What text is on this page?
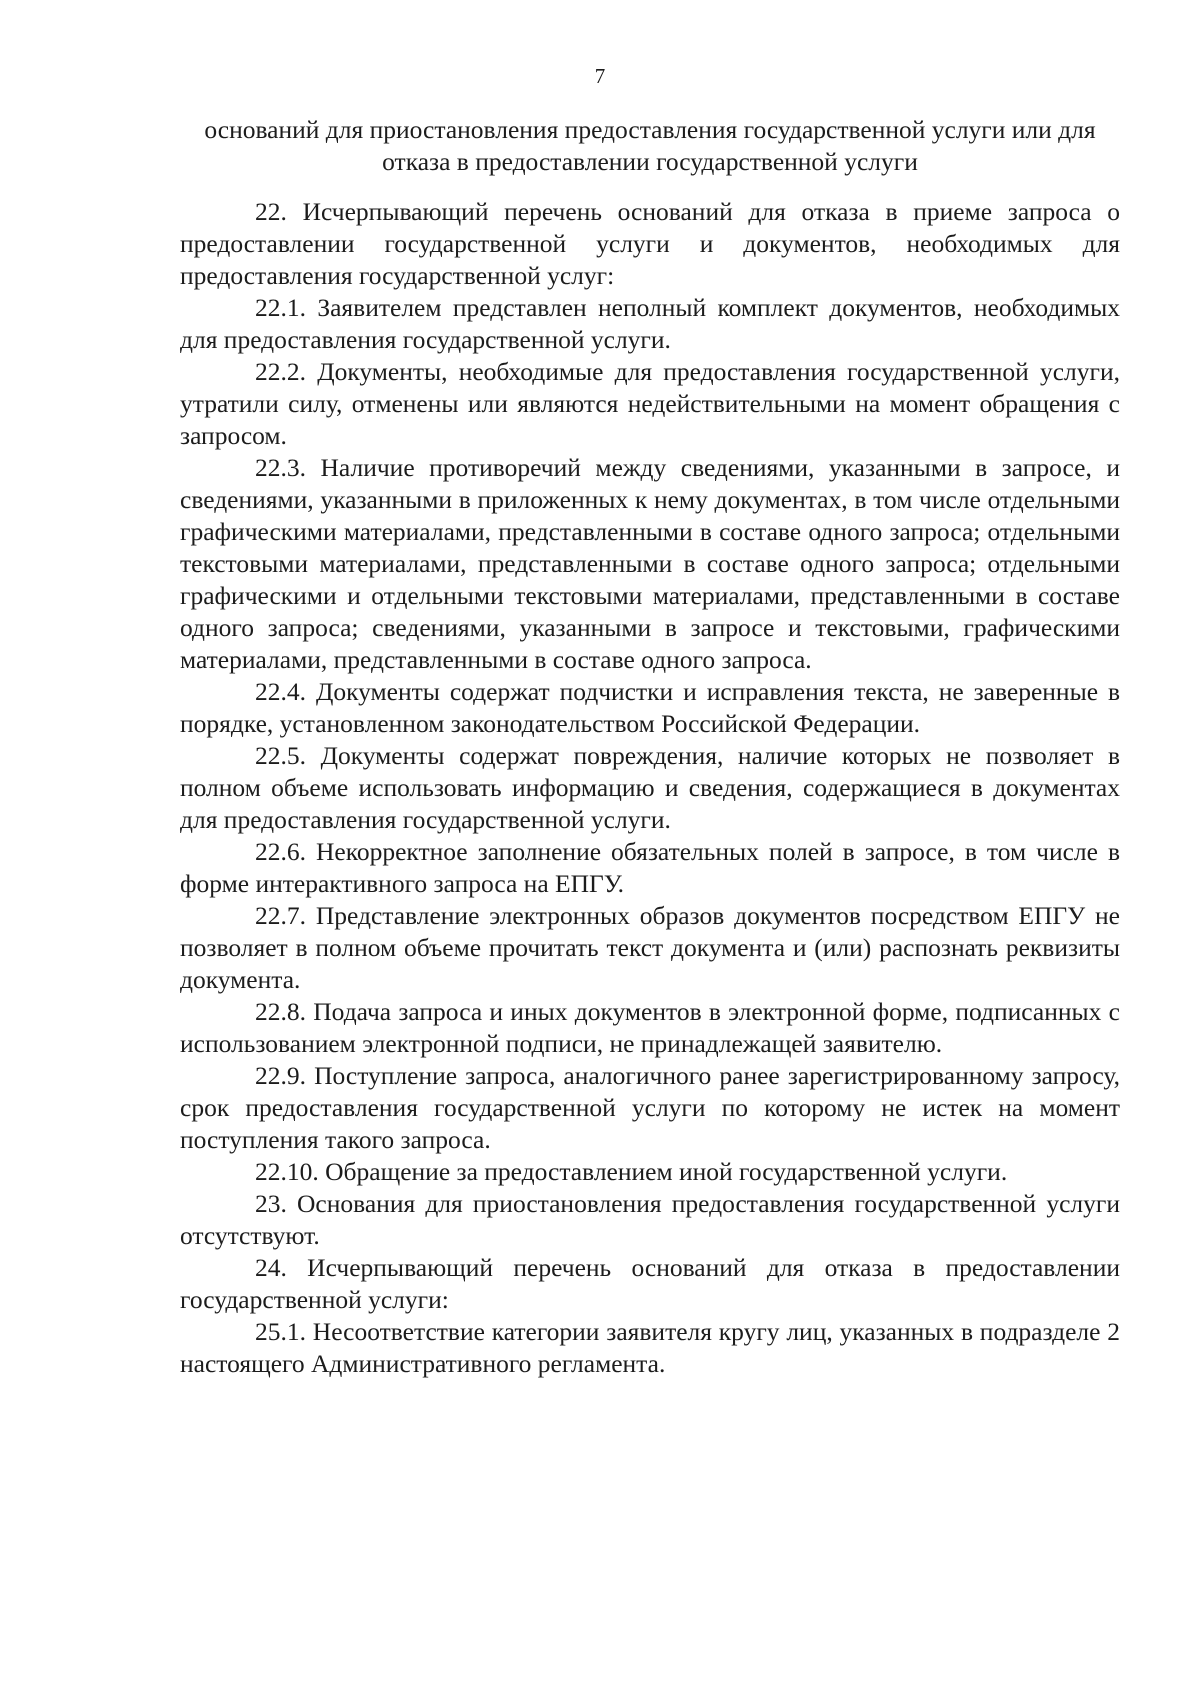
7
оснований для приостановления предоставления государственной услуги или для отказа в предоставлении государственной услуги

22. Исчерпывающий перечень оснований для отказа в приеме запроса о предоставлении государственной услуги и документов, необходимых для предоставления государственной услуг:

22.1. Заявителем представлен неполный комплект документов, необходимых для предоставления государственной услуги.

22.2. Документы, необходимые для предоставления государственной услуги, утратили силу, отменены или являются недействительными на момент обращения с запросом.

22.3. Наличие противоречий между сведениями, указанными в запросе, и сведениями, указанными в приложенных к нему документах, в том числе отдельными графическими материалами, представленными в составе одного запроса; отдельными текстовыми материалами, представленными в составе одного запроса; отдельными графическими и отдельными текстовыми материалами, представленными в составе одного запроса; сведениями, указанными в запросе и текстовыми, графическими материалами, представленными в составе одного запроса.

22.4. Документы содержат подчистки и исправления текста, не заверенные в порядке, установленном законодательством Российской Федерации.

22.5. Документы содержат повреждения, наличие которых не позволяет в полном объеме использовать информацию и сведения, содержащиеся в документах для предоставления государственной услуги.

22.6. Некорректное заполнение обязательных полей в запросе, в том числе в форме интерактивного запроса на ЕПГУ.

22.7. Представление электронных образов документов посредством ЕПГУ не позволяет в полном объеме прочитать текст документа и (или) распознать реквизиты документа.

22.8. Подача запроса и иных документов в электронной форме, подписанных с использованием электронной подписи, не принадлежащей заявителю.

22.9. Поступление запроса, аналогичного ранее зарегистрированному запросу, срок предоставления государственной услуги по которому не истек на момент поступления такого запроса.

22.10. Обращение за предоставлением иной государственной услуги.

23. Основания для приостановления предоставления государственной услуги отсутствуют.

24. Исчерпывающий перечень оснований для отказа в предоставлении государственной услуги:

25.1. Несоответствие категории заявителя кругу лиц, указанных в подразделе 2 настоящего Административного регламента.
